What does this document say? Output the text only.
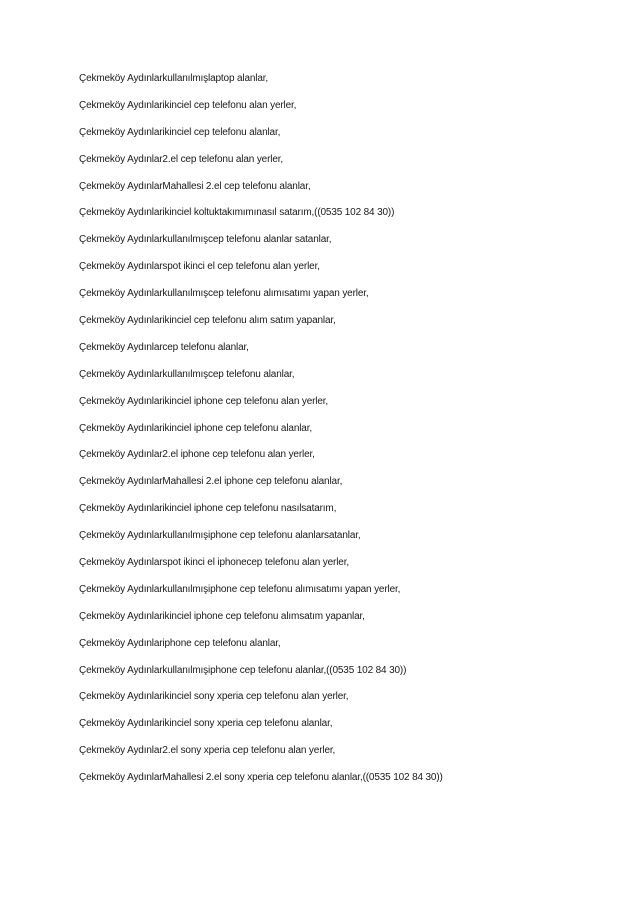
Çekmeköy Aydınlarkullanılmışlaptop alanlar,
Çekmeköy Aydınlarikinciel cep telefonu alan yerler,
Çekmeköy Aydınlarikinciel cep telefonu alanlar,
Çekmeköy Aydınlar2.el cep telefonu alan yerler,
Çekmeköy AydınlarMahallesi 2.el cep telefonu alanlar,
Çekmeköy Aydınlarikinciel koltuktakımımınasıl satarım,((0535 102 84 30))
Çekmeköy Aydınlarkullanılmışcep telefonu alanlar satanlar,
Çekmeköy Aydınlarspot ikinci el cep telefonu alan yerler,
Çekmeköy Aydınlarkullanılmışcep telefonu alımısatımı yapan yerler,
Çekmeköy Aydınlarikinciel cep telefonu alım satım yapanlar,
Çekmeköy Aydınlarcep telefonu alanlar,
Çekmeköy Aydınlarkullanılmışcep telefonu alanlar,
Çekmeköy Aydınlarikinciel iphone cep telefonu alan yerler,
Çekmeköy Aydınlarikinciel iphone cep telefonu alanlar,
Çekmeköy Aydınlar2.el iphone cep telefonu alan yerler,
Çekmeköy AydınlarMahallesi 2.el iphone cep telefonu alanlar,
Çekmeköy Aydınlarikinciel iphone cep telefonu nasılsatarım,
Çekmeköy Aydınlarkullanılmışiphone cep telefonu alanlarsatanlar,
Çekmeköy Aydınlarspot ikinci el iphonecep telefonu alan yerler,
Çekmeköy Aydınlarkullanılmışiphone cep telefonu alımısatımı yapan yerler,
Çekmeköy Aydınlarikinciel iphone cep telefonu alımsatım yapanlar,
Çekmeköy Aydınlariphone cep telefonu alanlar,
Çekmeköy Aydınlarkullanılmışiphone cep telefonu alanlar,((0535 102 84 30))
Çekmeköy Aydınlarikinciel sony xperia cep telefonu alan yerler,
Çekmeköy Aydınlarikinciel sony xperia cep telefonu alanlar,
Çekmeköy Aydınlar2.el sony xperia cep telefonu alan yerler,
Çekmeköy AydınlarMahallesi 2.el sony xperia cep telefonu alanlar,((0535 102 84 30))
